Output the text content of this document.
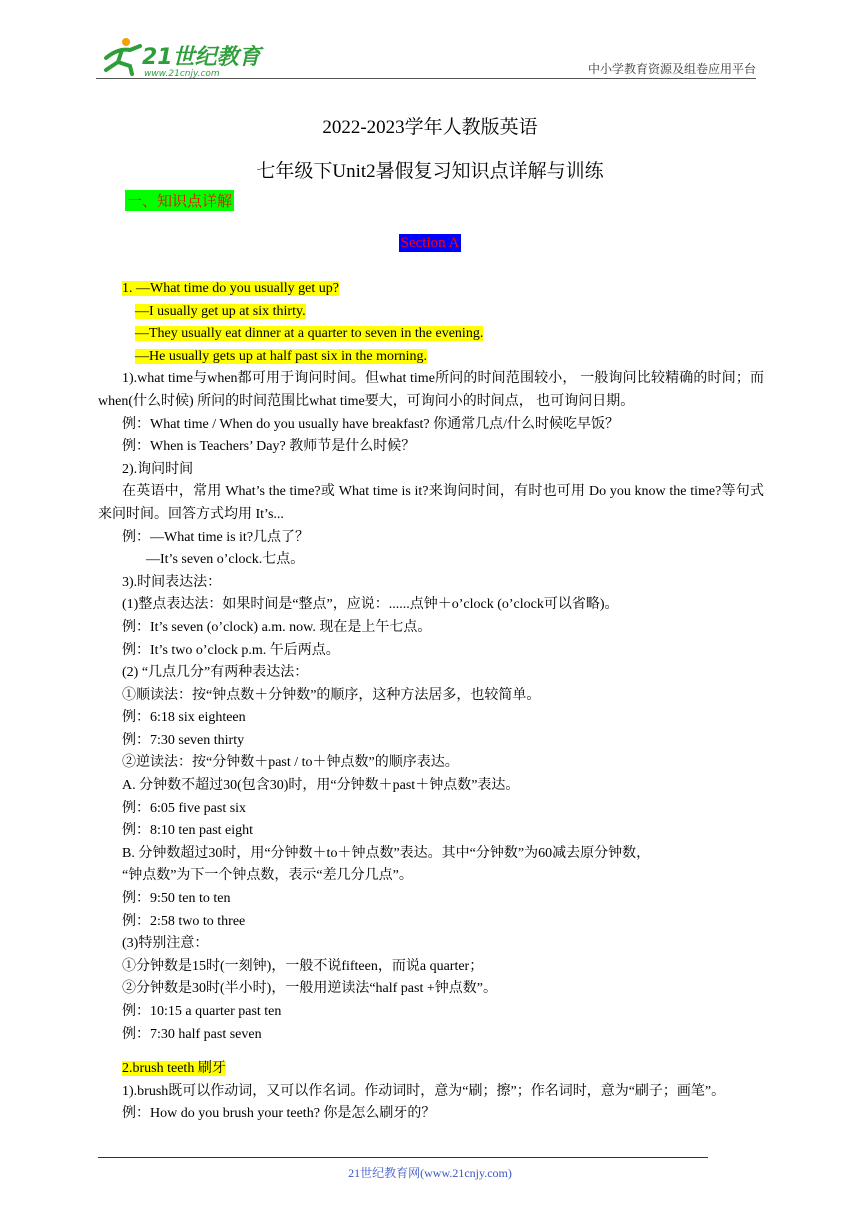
21世纪教育
www.21cnjy.com	中小学教育资源及组卷应用平台
2022-2023学年人教版英语
七年级下Unit2暑假复习知识点详解与训练
一、知识点详解
Section A
1. —What time do you usually get up?
—I usually get up at six thirty.
—They usually eat dinner at a quarter to seven in the evening.
—He usually gets up at half past six in the morning.
1).what time与when都可用于询问时间。但what time所问的时间范围较小， 一般询问比较精确的时间；而when(什么时候) 所问的时间范围比what time要大，可询问小的时间点， 也可询问日期。
例：What time / When do you usually have breakfast? 你通常几点/什么时候吃早饭？
例：When is Teachers’ Day? 教师节是什么时候？
2).询问时间
在英语中，常用 What’s the time?或 What time is it?来询问时间，有时也可用 Do you know the time?等句式来问时间。回答方式均用 It’s...
例：—What time is it?几点了？
—It’s seven o’clock.七点。
3).时间表达法：
(1)整点表达法：如果时间是“整点”，应说：......点钟＋o’clock (o’clock可以省略)。
例：It’s seven (o’clock) a.m. now. 现在是上午七点。
例：It’s two o’clock p.m. 午后两点。
(2) “几点几分”有两种表达法：
①顺读法：按“钟点数＋分钟数”的顺序，这种方法居多，也较简单。
例：6:18 six eighteen
例：7:30 seven thirty
②逆读法：按“分钟数＋past / to＋钟点数”的顺序表达。
A. 分钟数不超过30(包含30)时，用“分钟数＋past＋钟点数”表达。
例：6:05 five past six
例：8:10 ten past eight
B. 分钟数超过30时，用“分钟数＋to＋钟点数”表达。其中“分钟数”为60减去原分钟数，
“钟点数”为下一个钟点数，表示“差几分几点”。
例：9:50 ten to ten
例：2:58 two to three
(3)特别注意：
①分钟数是15时(一刻钟)，一般不说fifteen，而说a quarter；
②分钟数是30时(半小时)，一般用逆读法“half past +钟点数”。
例：10:15 a quarter past ten
例：7:30 half past seven
2.brush teeth 刷牙
1).brush既可以作动词，又可以作名词。作动词时，意为“刷；擦”；作名词时，意为“刷子；画笔”。
例：How do you brush your teeth? 你是怎么刷牙的？
21世纪教育网(www.21cnjy.com)
